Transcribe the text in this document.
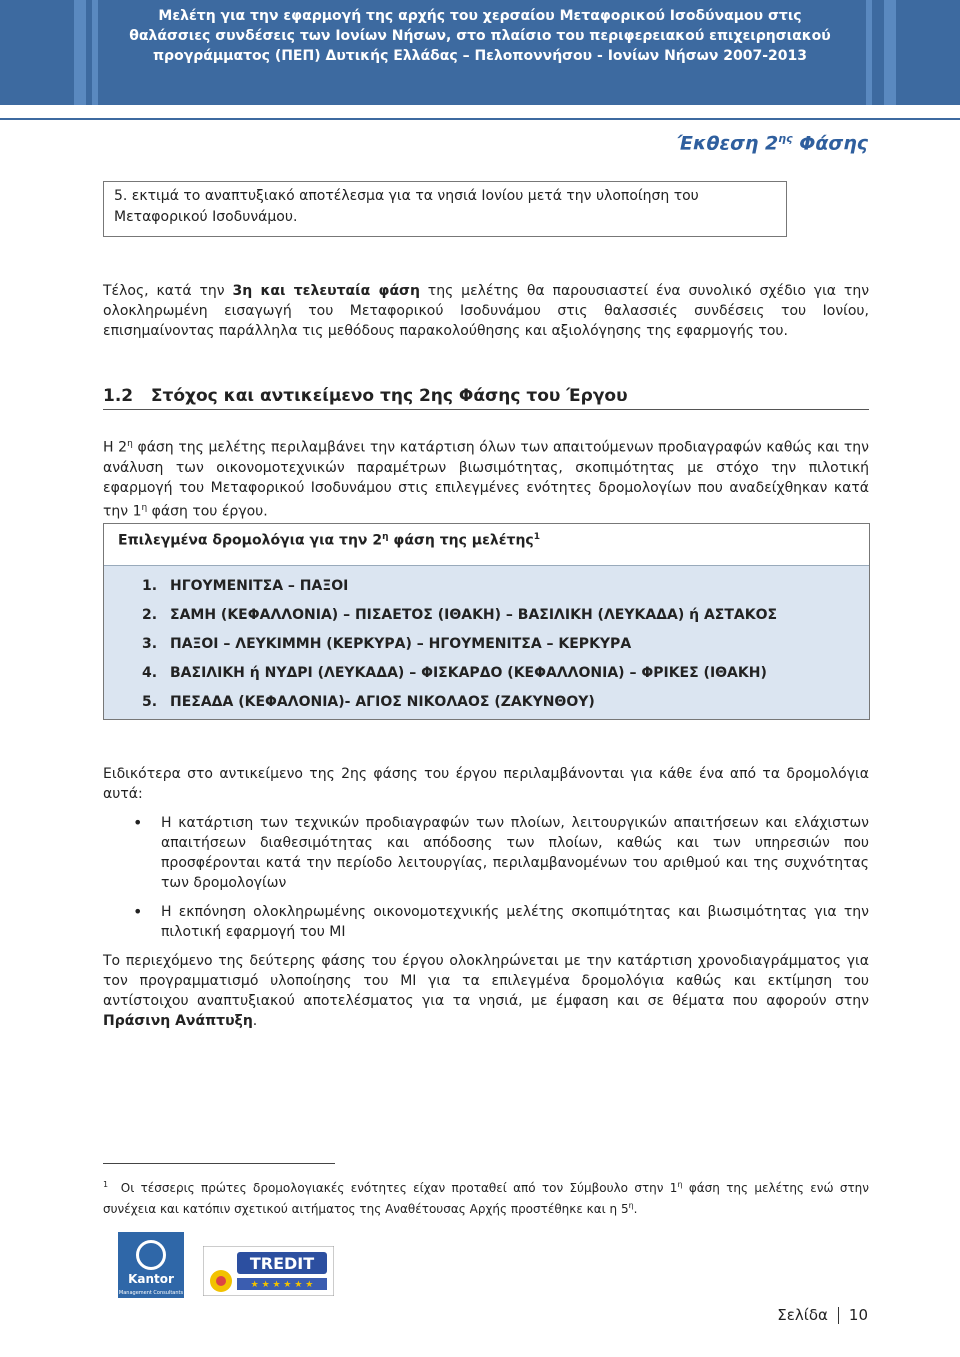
Μελέτη για την εφαρμογή της αρχής του χερσαίου Μεταφορικού Ισοδύναμου στις
θαλάσσιες συνδέσεις των Ιονίων Νήσων, στο πλαίσιο του περιφερειακού επιχειρησιακού
προγράμματος (ΠΕΠ) Δυτικής Ελλάδας – Πελοποννήσου - Ιονίων Νήσων 2007-2013
Έκθεση $2^{\eta\varsigma}$ Φάσης
5. εκτιμά το αναπτυξιακό αποτέλεσμα για τα νησιά Ιονίου μετά την υλοποίηση του Μεταφορικού Ισοδυνάμου.
Τέλος, κατά την 3η και τελευταία φάση της μελέτης θα παρουσιαστεί ένα συνολικό σχέδιο για την ολοκληρωμένη εισαγωγή του Μεταφορικού Ισοδυνάμου στις θαλασσιές συνδέσεις του Ιονίου, επισημαίνοντας παράλληλα τις μεθόδους παρακολούθησης και αξιολόγησης της εφαρμογής του.
1.2 Στόχος και αντικείμενο της 2ης Φάσης του Έργου
Η $2^\eta$ φάση της μελέτης περιλαμβάνει την κατάρτιση όλων των απαιτούμενων προδιαγραφών καθώς και την ανάλυση των οικονομοτεχνικών παραμέτρων βιωσιμότητας, σκοπιμότητας με στόχο την πιλοτική εφαρμογή του Μεταφορικού Ισοδυνάμου στις επιλεγμένες ενότητες δρομολογίων που αναδείχθηκαν κατά την $1^\eta$ φάση του έργου.
Επιλεγμένα δρομολόγια για την $2^\eta$ φάση της μελέτης$^1$
1. ΗΓΟΥΜΕΝΙΤΣΑ – ΠΑΞΟΙ
2. ΣΑΜΗ (ΚΕΦΑΛΛΟΝΙΑ) – ΠΙΣΑΕΤΟΣ (ΙΘΑΚΗ) – ΒΑΣΙΛΙΚΗ (ΛΕΥΚΑΔΑ) ή ΑΣΤΑΚΟΣ
3. ΠΑΞΟΙ – ΛΕΥΚΙΜΜΗ (ΚΕΡΚΥΡΑ) – ΗΓΟΥΜΕΝΙΤΣΑ – ΚΕΡΚΥΡΑ
4. ΒΑΣΙΛΙΚΗ ή ΝΥΔΡΙ (ΛΕΥΚΑΔΑ) – ΦΙΣΚΑΡΔΟ (ΚΕΦΑΛΛΟΝΙΑ) – ΦΡΙΚΕΣ (ΙΘΑΚΗ)
5. ΠΕΣΑΔΑ (ΚΕΦΑΛΟΝΙΑ)- ΑΓΙΟΣ ΝΙΚΟΛΑΟΣ (ΖΑΚΥΝΘΟΥ)
Ειδικότερα στο αντικείμενο της 2ης φάσης του έργου περιλαμβάνονται για κάθε ένα από τα δρομολόγια αυτά:
• Η κατάρτιση των τεχνικών προδιαγραφών των πλοίων, λειτουργικών απαιτήσεων και ελάχιστων απαιτήσεων διαθεσιμότητας και απόδοσης των πλοίων, καθώς και των υπηρεσιών που προσφέρονται κατά την περίοδο λειτουργίας, περιλαμβανομένων του αριθμού και της συχνότητας των δρομολογίων
• Η εκπόνηση ολοκληρωμένης οικονομοτεχνικής μελέτης σκοπιμότητας και βιωσιμότητας για την πιλοτική εφαρμογή του ΜΙ
Το περιεχόμενο της δεύτερης φάσης του έργου ολοκληρώνεται με την κατάρτιση χρονοδιαγράμματος για τον προγραμματισμό υλοποίησης του ΜΙ για τα επιλεγμένα δρομολόγια καθώς και εκτίμηση του αντίστοιχου αναπτυξιακού αποτελέσματος για τα νησιά, με έμφαση και σε θέματα που αφορούν στην Πράσινη Ανάπτυξη.
$^1$ Οι τέσσερις πρώτες δρομολογιακές ενότητες είχαν προταθεί από τον Σύμβουλο στην $1^\eta$ φάση της μελέτης ενώ στην συνέχεια και κατόπιν σχετικού αιτήματος της Αναθέτουσας Αρχής προστέθηκε και η $5^\eta$.
Kantor
Management Consultants
TREDIT
★ ★ ★ ★ ★ ★
Σελίδα 10
